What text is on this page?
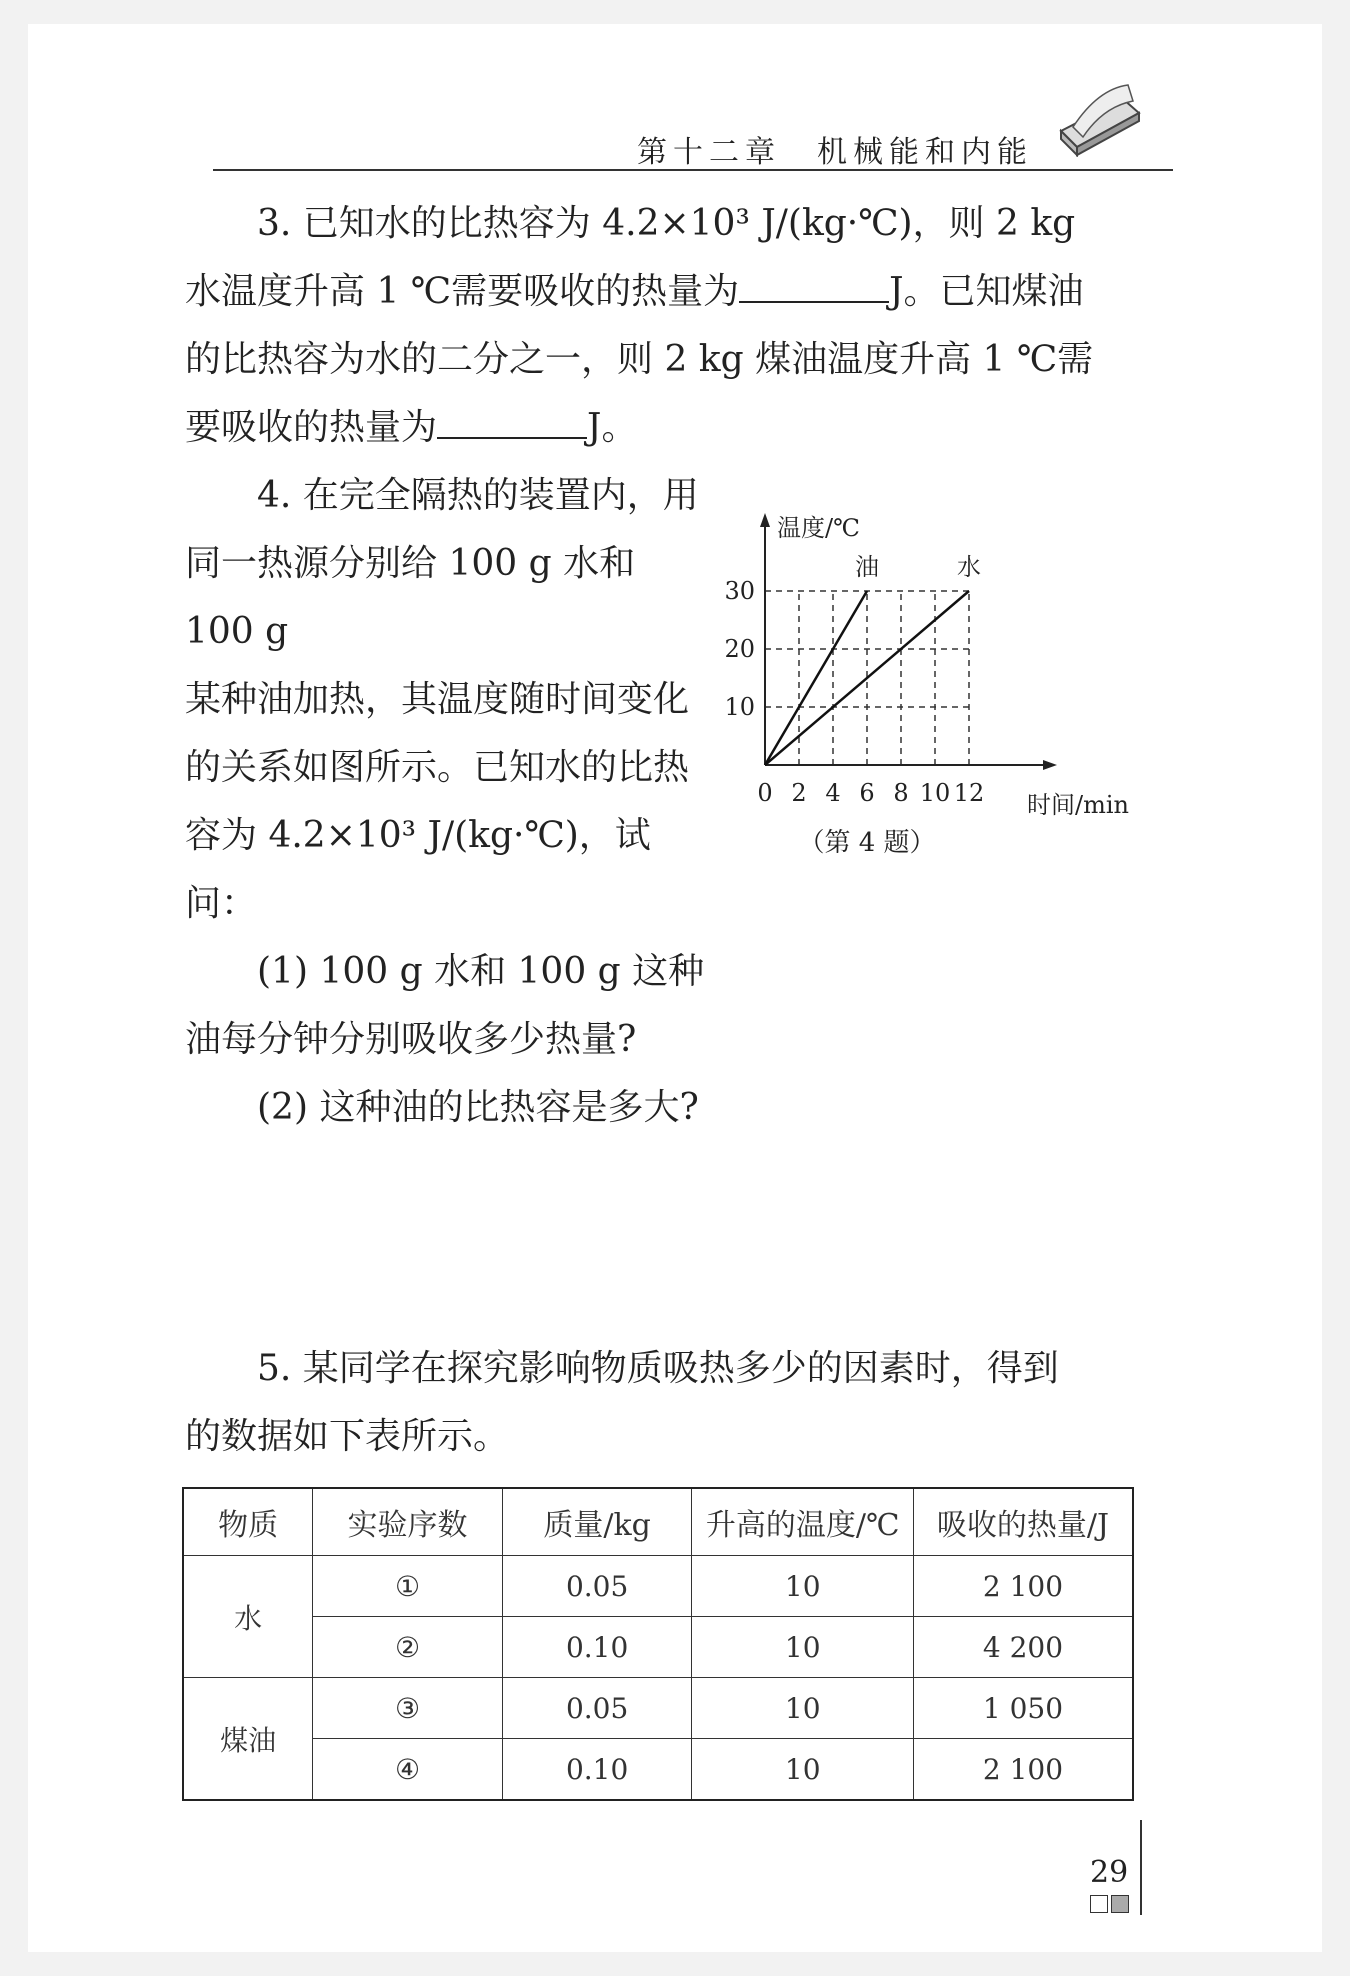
第十二章　机械能和内能
3. 已知水的比热容为 4.2×10³ J/(kg·℃)，则 2 kg
水温度升高 1 ℃需要吸收的热量为	J。已知煤油
的比热容为水的二分之一，则 2 kg 煤油温度升高 1 ℃需
要吸收的热量为	J。
4. 在完全隔热的装置内，用
同一热源分别给 100 g 水和 100 g
某种油加热，其温度随时间变化
的关系如图所示。已知水的比热
容为 4.2×10³ J/(kg·℃)，试问：
(1) 100 g 水和 100 g 这种
油每分钟分别吸收多少热量?
(2) 这种油的比热容是多大?
温度/℃
时间/min
0 2 4 6 8 10 12
10
20
30
油	水
（第 4 题）
5. 某同学在探究影响物质吸热多少的因素时，得到
的数据如下表所示。
物质	实验序数	质量/kg	升高的温度/℃	吸收的热量/J
水	①	0.05	10	2 100
	②	0.10	10	4 200
煤油	③	0.05	10	1 050
	④	0.10	10	2 100
29
